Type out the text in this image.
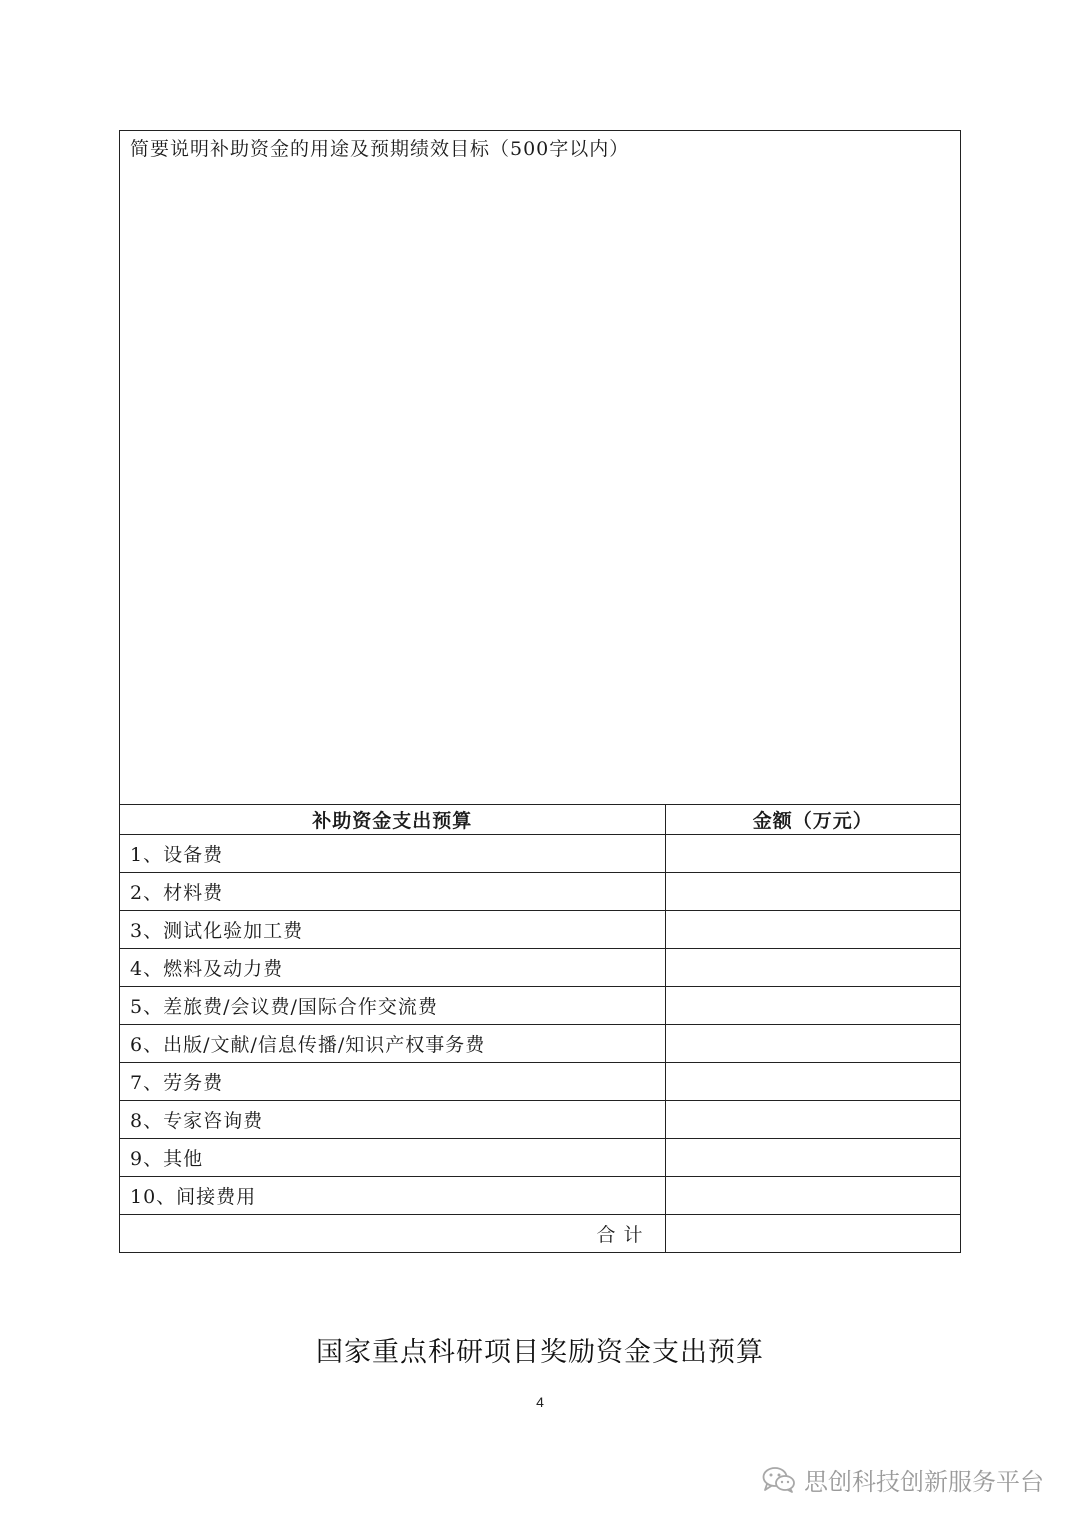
简要说明补助资金的用途及预期绩效目标（500字以内）
补助资金支出预算	金额（万元）
1、设备费	
2、材料费	
3、测试化验加工费	
4、燃料及动力费	
5、差旅费/会议费/国际合作交流费	
6、出版/文献/信息传播/知识产权事务费	
7、劳务费	
8、专家咨询费	
9、其他	
10、间接费用	
合计	
国家重点科研项目奖励资金支出预算
4
思创科技创新服务平台
